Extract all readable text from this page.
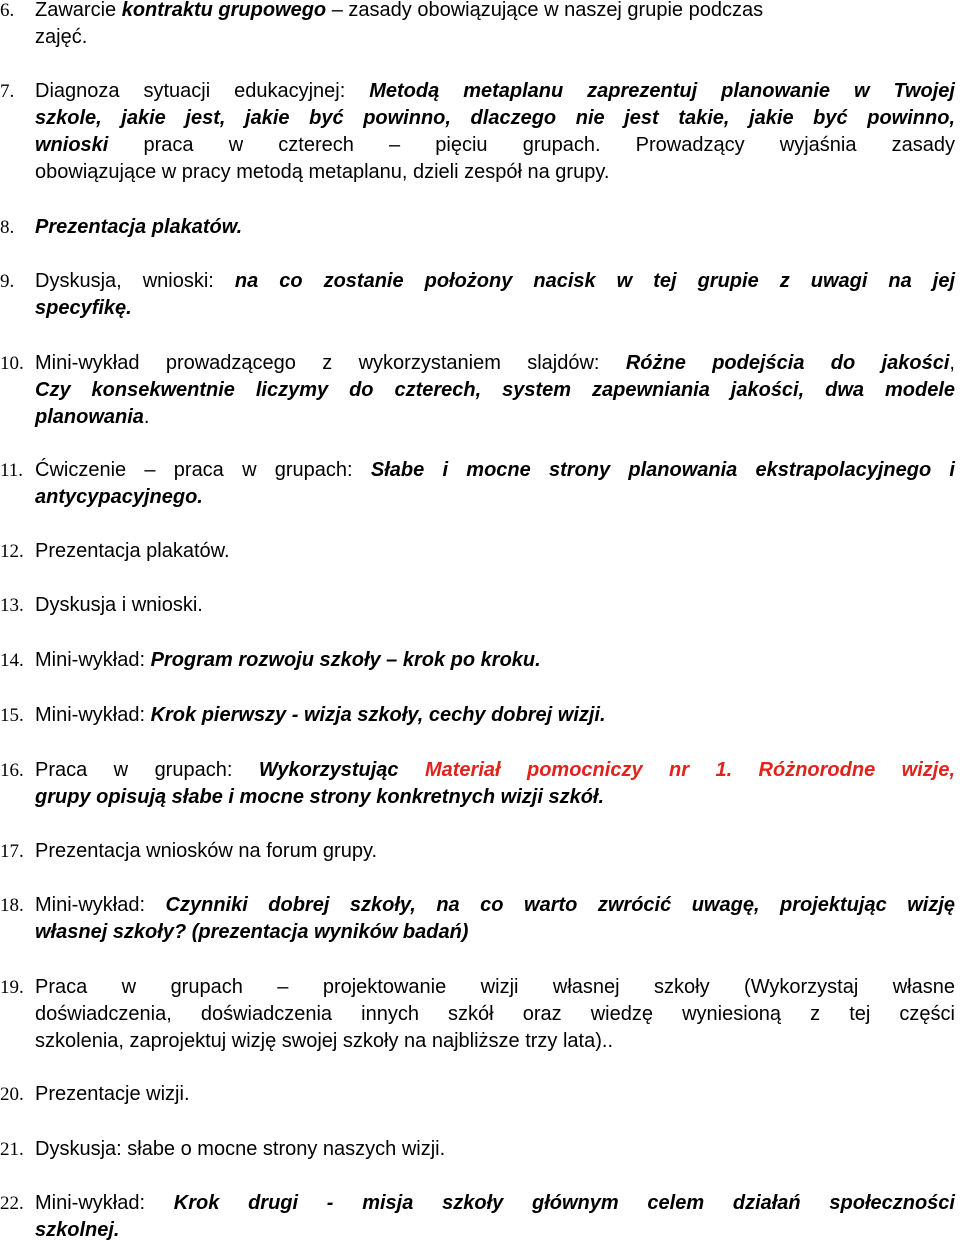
6. Zawarcie kontraktu grupowego – zasady obowiązujące w naszej grupie podczas
zajęć.
7. Diagnoza sytuacji edukacyjnej: Metodą metaplanu zaprezentuj planowanie w Twojej
szkole, jakie jest, jakie być powinno, dlaczego nie jest takie, jakie być powinno,
wnioski praca w czterech – pięciu grupach. Prowadzący wyjaśnia zasady
obowiązujące w pracy metodą metaplanu, dzieli zespół na grupy.
8. Prezentacja plakatów.
9. Dyskusja, wnioski: na co zostanie położony nacisk w tej grupie z uwagi na jej
specyfikę.
10. Mini-wykład prowadzącego z wykorzystaniem slajdów: Różne podejścia do jakości,
Czy konsekwentnie liczymy do czterech, system zapewniania jakości, dwa modele
planowania.
11. Ćwiczenie – praca w grupach: Słabe i mocne strony planowania ekstrapolacyjnego i
antycypacyjnego.
12. Prezentacja plakatów.
13. Dyskusja i wnioski.
14. Mini-wykład: Program rozwoju szkoły – krok po kroku.
15. Mini-wykład: Krok pierwszy - wizja szkoły, cechy dobrej wizji.
16. Praca w grupach: Wykorzystując Materiał pomocniczy nr 1. Różnorodne wizje,
grupy opisują słabe i mocne strony konkretnych wizji szkół.
17. Prezentacja wniosków na forum grupy.
18. Mini-wykład: Czynniki dobrej szkoły, na co warto zwrócić uwagę, projektując wizję
własnej szkoły? (prezentacja wyników badań)
19. Praca w grupach – projektowanie wizji własnej szkoły (Wykorzystaj własne
doświadczenia, doświadczenia innych szkół oraz wiedzę wyniesioną z tej części
szkolenia, zaprojektuj wizję swojej szkoły na najbliższe trzy lata)..
20. Prezentacje wizji.
21. Dyskusja: słabe o mocne strony naszych wizji.
22. Mini-wykład: Krok drugi - misja szkoły głównym celem działań społeczności
szkolnej.
